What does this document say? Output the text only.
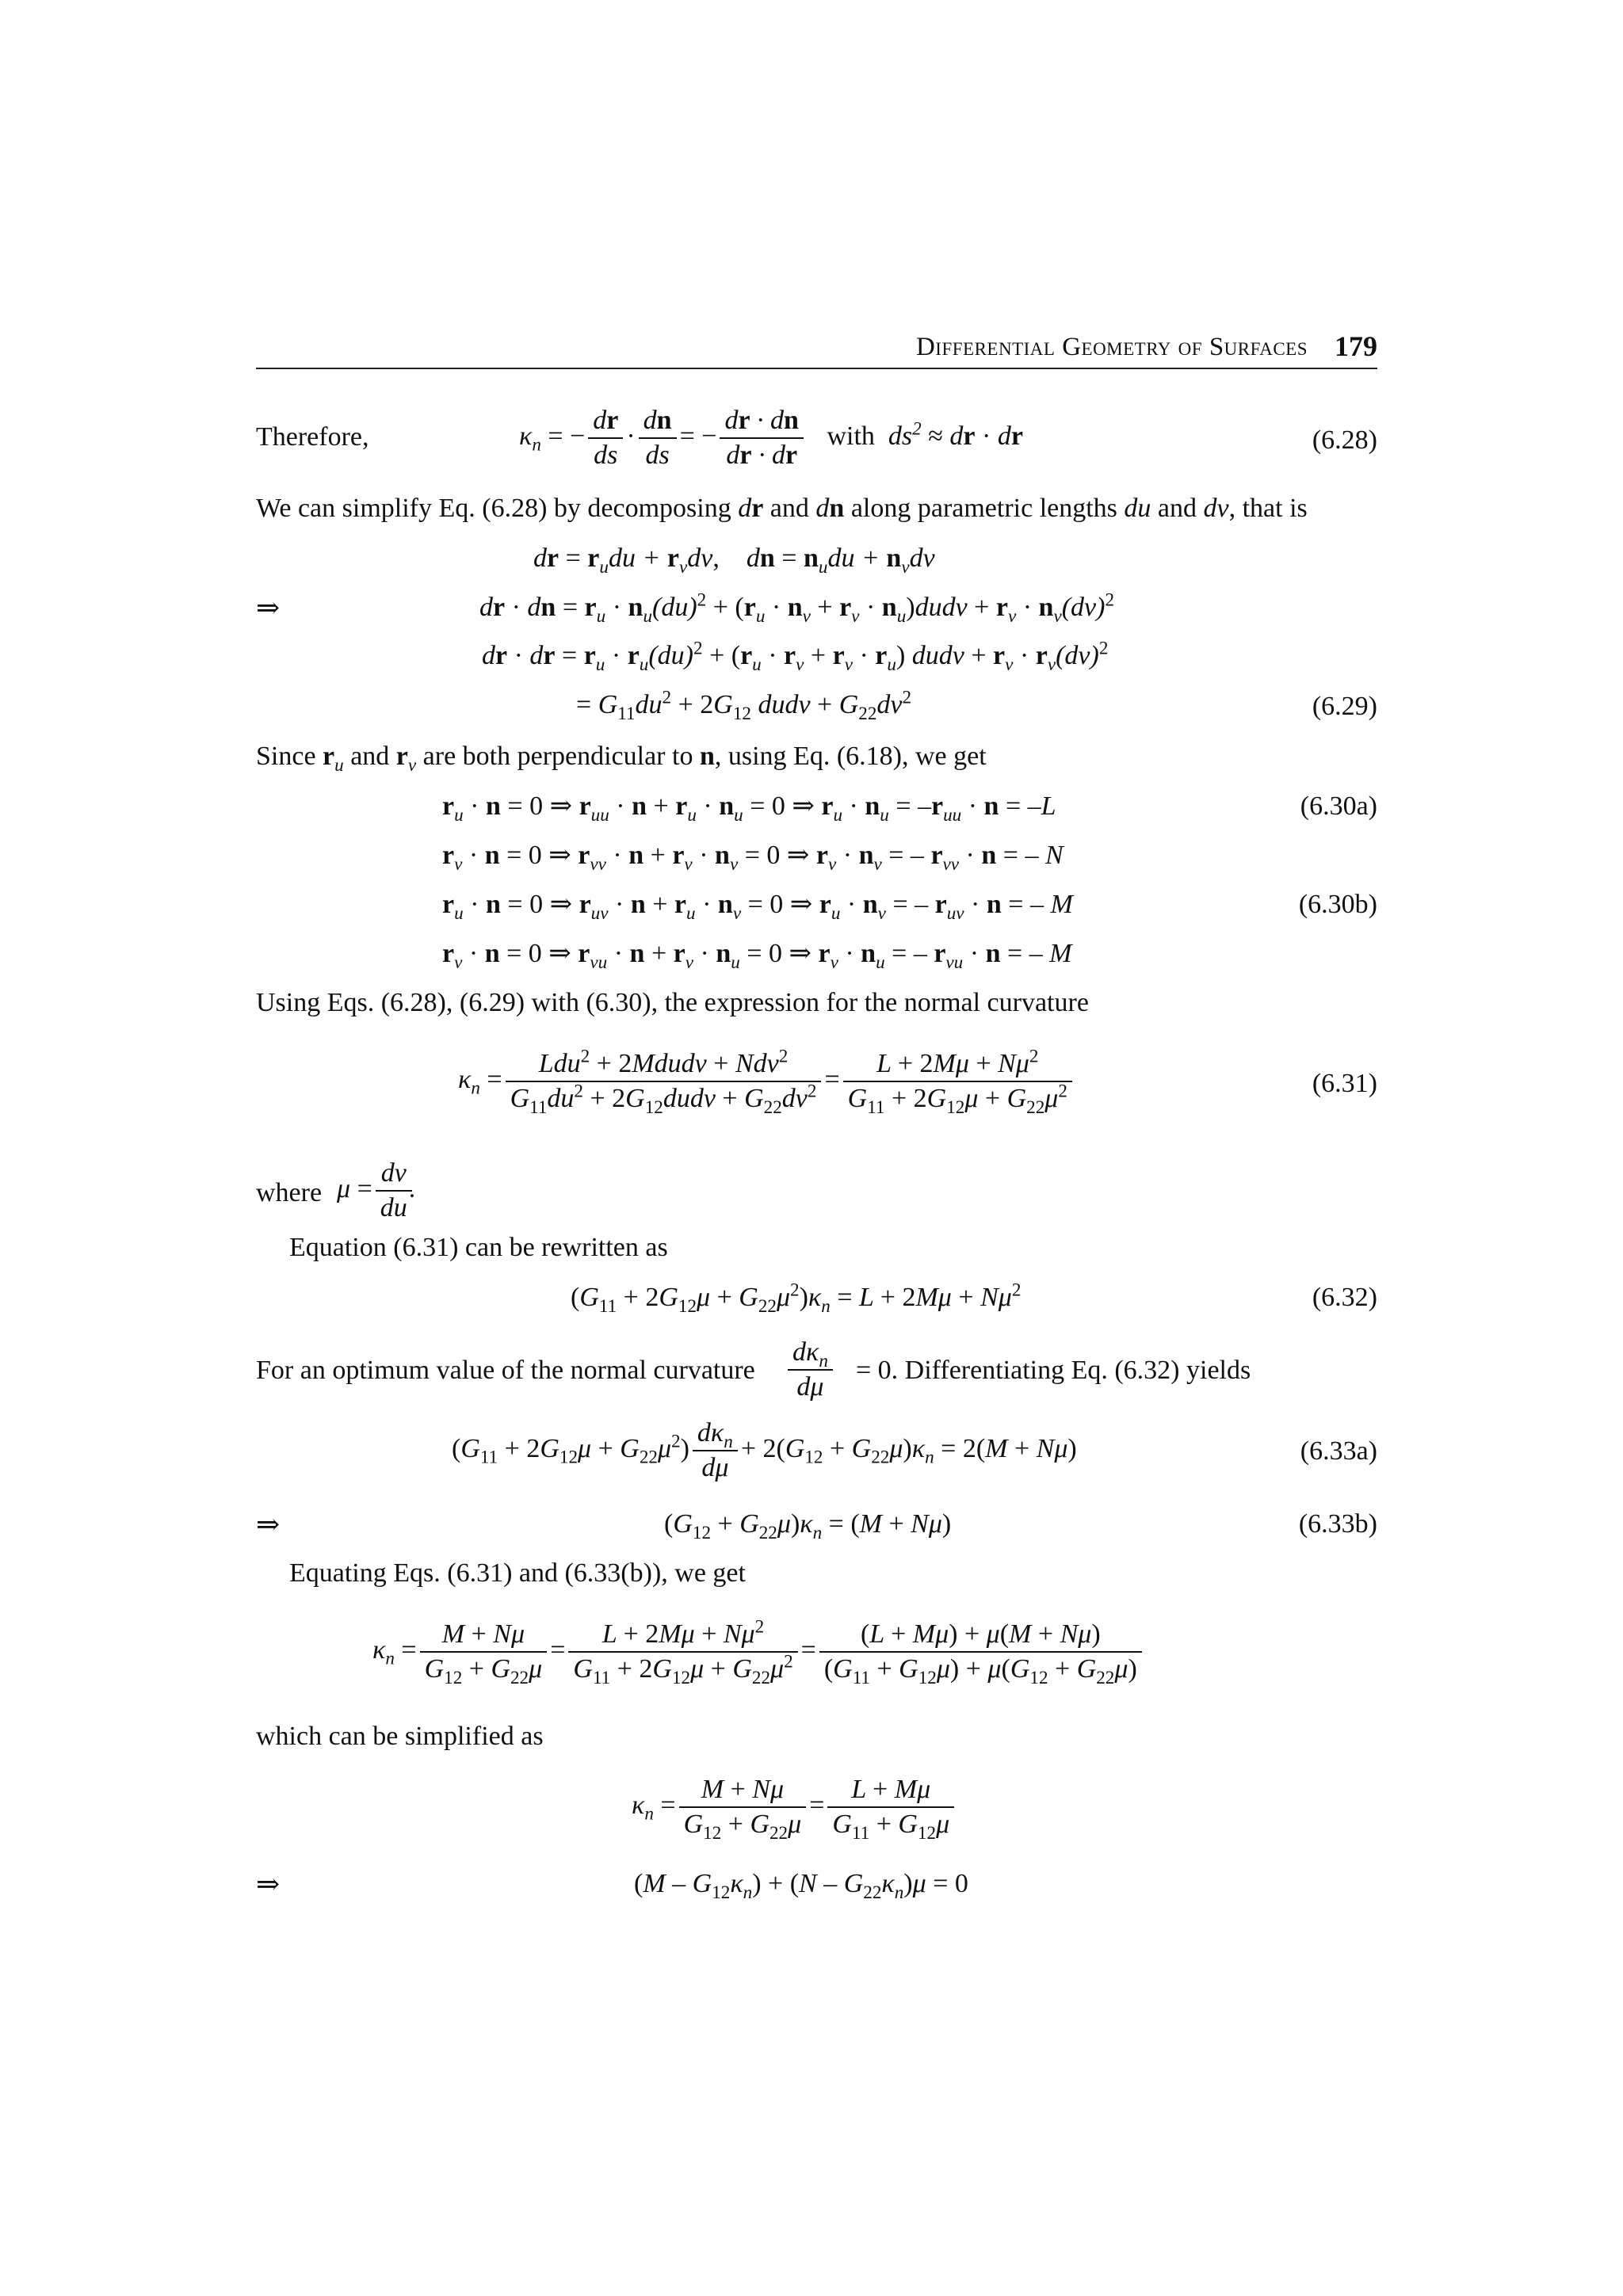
Differential Geometry of Surfaces 179
Therefore,	$\kappa_n$ = − $\frac{dr}{ds} \cdot \frac{dn}{ds}$ = − $\frac{dr \cdot dn}{dr \cdot dr}$ with  $ds^2$ ≈ dr · dr	(6.28)
We can simplify Eq. (6.28) by decomposing dr and dn along parametric lengths du and dv, that is
dr = $r_udu + r_vdv$,    dn = $n_udu + n_vdv$
⇒	dr · dn = $r_u \cdot n_u(du)^2 + (r_u \cdot n_v + r_v$ · $n_u)dudv + r_v \cdot n_v(dv)^2$
dr · dr = $r_u \cdot r_u(du)^2 + (r_u \cdot r_v + r_v \cdot r_u)$ dudv + $r_v \cdot r_v(dv)^2$
= $G_{11}du^2 + 2G_{12}$ dudv + $G_{22}dv^2$	(6.29)
Since $r_u$ and $r_v$ are both perpendicular to n, using Eq. (6.18), we get
$r_u \cdot n = 0$ ⇒ $r_{uu} \cdot n + r_u \cdot n_u = 0$ ⇒ $r_u \cdot n_u = -r_{uu} \cdot n = -L$	(6.30a)
$r_v \cdot n = 0$ ⇒ $r_{vv} \cdot n + r_v \cdot n_v = 0$ ⇒ $r_v \cdot n_v$ = – $r_{vv} \cdot n$ = – N
$r_u \cdot n = 0$ ⇒ $r_{uv} \cdot n + r_u \cdot n_v = 0$ ⇒ $r_u \cdot n_v$ = – $r_{uv} \cdot n$ = – M	(6.30b)
$r_v \cdot n = 0$ ⇒ $r_{vu} \cdot n + r_v \cdot n_u = 0$ ⇒ $r_v \cdot n_u$ = – $r_{vu} \cdot n$ = – M
Using Eqs. (6.28), (6.29) with (6.30), the expression for the normal curvature
$\kappa_n = \frac{Ldu^2 + 2Mdudv + Ndv^2}{G_{11}du^2 + 2G_{12}dudv + G_{22}dv^2} = \frac{L + 2M\mu + N\mu^2}{G_{11} + 2G_{12}\mu + G_{22}\mu^2}$	(6.31)
where $\mu = \frac{dv}{du}$
.
Equation (6.31) can be rewritten as
$(G_{11} + 2G_{12}\mu + G_{22}\mu^2)\kappa_n = L + 2M\mu + N\mu^2$	(6.32)
For an optimum value of the normal curvature $\frac{d\kappa_n}{d\mu} = 0$. Differentiating Eq. (6.32) yields
$(G_{11} + 2G_{12}\mu + G_{22}\mu^2) \frac{d\kappa_n}{d\mu} + 2(G_{12} + G_{22}\mu)\kappa_n = 2(M + N\mu)$	(6.33a)
⇒	$(G_{12} + G_{22}\mu)\kappa_n = (M + N\mu)$	(6.33b)
Equating Eqs. (6.31) and (6.33(b)), we get
$\kappa_n = \frac{M + N\mu}{G_{12} + G_{22}\mu} = \frac{L + 2M\mu + N\mu^2}{G_{11} + 2G_{12}\mu + G_{22}\mu^2} = \frac{(L + M\mu) + \mu(M + N\mu)}{(G_{11} + G_{12}\mu) + \mu(G_{12} + G_{22}\mu)}$
which can be simplified as
$\kappa_n = \frac{M + N\mu}{G_{12} + G_{22}\mu} = \frac{L + M\mu}{G_{11} + G_{12}\mu}$
⇒	$(M - G_{12}\kappa_n) + (N - G_{22}\kappa_n)\mu = 0$
